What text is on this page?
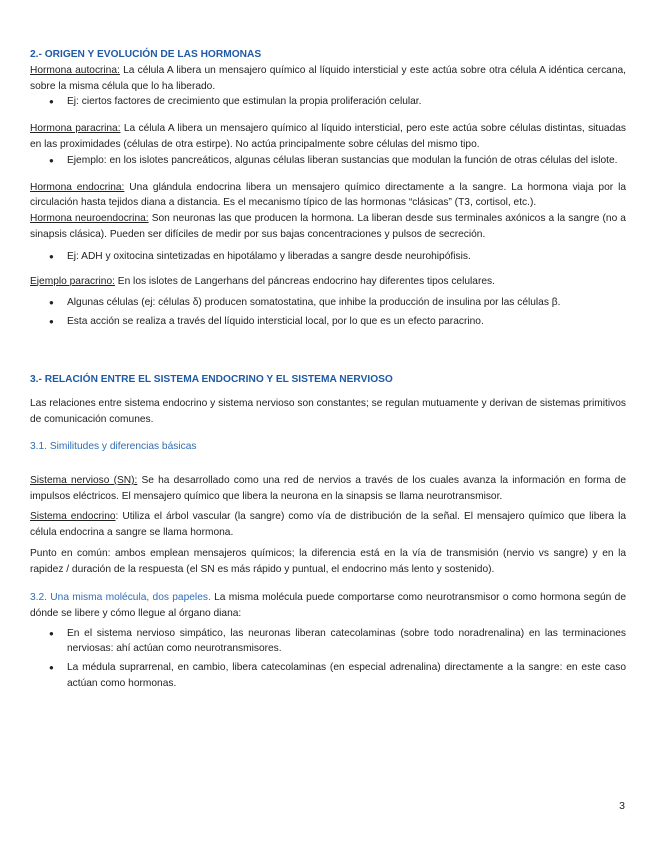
2.- ORIGEN Y EVOLUCIÓN DE LAS HORMONAS

Hormona autocrina: La célula A libera un mensajero químico al líquido intersticial y este actúa sobre otra célula A idéntica cercana, sobre la misma célula que lo ha liberado.

● Ej: ciertos factores de crecimiento que estimulan la propia proliferación celular.

Hormona paracrina: La célula A libera un mensajero químico al líquido intersticial, pero este actúa sobre células distintas, situadas en las proximidades (células de otra estirpe). No actúa principalmente sobre células del mismo tipo.

● Ejemplo: en los islotes pancreáticos, algunas células liberan sustancias que modulan la función de otras células del islote.

Hormona endocrina: Una glándula endocrina libera un mensajero químico directamente a la sangre. La hormona viaja por la circulación hasta tejidos diana a distancia. Es el mecanismo típico de las hormonas “clásicas” (T3, cortisol, etc.).

Hormona neuroendocrina: Son neuronas las que producen la hormona. La liberan desde sus terminales axónicos a la sangre (no a sinapsis clásica). Pueden ser difíciles de medir por sus bajas concentraciones y pulsos de secreción.

● Ej: ADH y oxitocina sintetizadas en hipotálamo y liberadas a sangre desde neurohipófisis.

Ejemplo paracrino: En los islotes de Langerhans del páncreas endocrino hay diferentes tipos celulares.

● Algunas células (ej: células δ) producen somatostatina, que inhibe la producción de insulina por las células β.
● Esta acción se realiza a través del líquido intersticial local, por lo que es un efecto paracrino.

3.- RELACIÓN ENTRE EL SISTEMA ENDOCRINO Y EL SISTEMA NERVIOSO

Las relaciones entre sistema endocrino y sistema nervioso son constantes; se regulan mutuamente y derivan de sistemas primitivos de comunicación comunes.

3.1. Similitudes y diferencias básicas

Sistema nervioso (SN): Se ha desarrollado como una red de nervios a través de los cuales avanza la información en forma de impulsos eléctricos. El mensajero químico que libera la neurona en la sinapsis se llama neurotransmisor.

Sistema endocrino: Utiliza el árbol vascular (la sangre) como vía de distribución de la señal. El mensajero químico que libera la célula endocrina a sangre se llama hormona.

Punto en común: ambos emplean mensajeros químicos; la diferencia está en la vía de transmisión (nervio vs sangre) y en la rapidez / duración de la respuesta (el SN es más rápido y puntual, el endocrino más lento y sostenido).

3.2. Una misma molécula, dos papeles. La misma molécula puede comportarse como neurotransmisor o como hormona según de dónde se libere y cómo llegue al órgano diana:

● En el sistema nervioso simpático, las neuronas liberan catecolaminas (sobre todo noradrenalina) en las terminaciones nerviosas: ahí actúan como neurotransmisores.
● La médula suprarrenal, en cambio, libera catecolaminas (en especial adrenalina) directamente a la sangre: en este caso actúan como hormonas.
3
